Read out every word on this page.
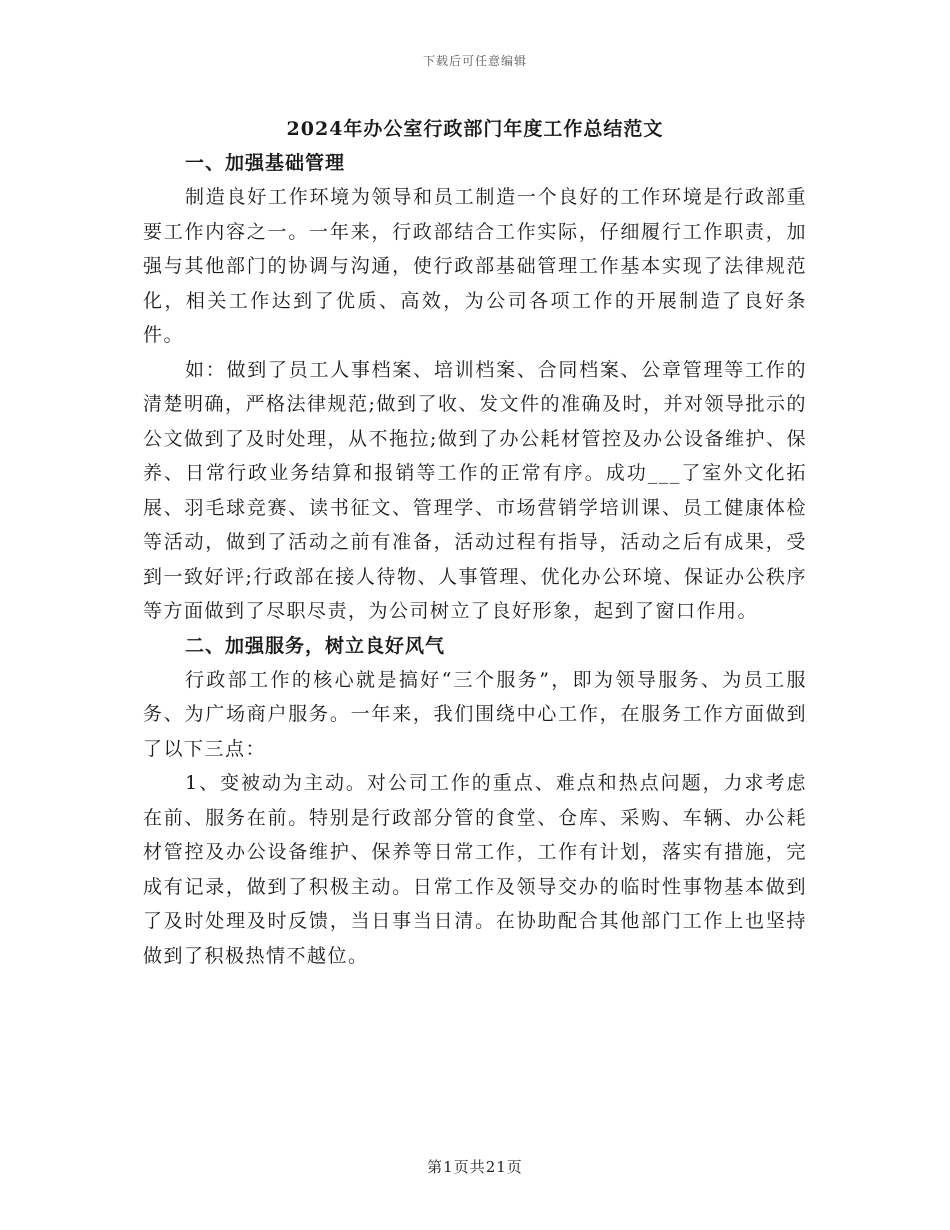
下载后可任意编辑
2024年办公室行政部门年度工作总结范文

一、加强基础管理

制造良好工作环境为领导和员工制造一个良好的工作环境是行政部重要工作内容之一。一年来，行政部结合工作实际，仔细履行工作职责，加强与其他部门的协调与沟通，使行政部基础管理工作基本实现了法律规范化，相关工作达到了优质、高效，为公司各项工作的开展制造了良好条件。

如：做到了员工人事档案、培训档案、合同档案、公章管理等工作的清楚明确，严格法律规范;做到了收、发文件的准确及时，并对领导批示的公文做到了及时处理，从不拖拉;做到了办公耗材管控及办公设备维护、保养、日常行政业务结算和报销等工作的正常有序。成功___了室外文化拓展、羽毛球竞赛、读书征文、管理学、市场营销学培训课、员工健康体检等活动，做到了活动之前有准备，活动过程有指导，活动之后有成果，受到一致好评;行政部在接人待物、人事管理、优化办公环境、保证办公秩序等方面做到了尽职尽责，为公司树立了良好形象，起到了窗口作用。

二、加强服务，树立良好风气

行政部工作的核心就是搞好“三个服务”，即为领导服务、为员工服务、为广场商户服务。一年来，我们围绕中心工作，在服务工作方面做到了以下三点：

1、变被动为主动。对公司工作的重点、难点和热点问题，力求考虑在前、服务在前。特别是行政部分管的食堂、仓库、采购、车辆、办公耗材管控及办公设备维护、保养等日常工作，工作有计划，落实有措施，完成有记录，做到了积极主动。日常工作及领导交办的临时性事物基本做到了及时处理及时反馈，当日事当日清。在协助配合其他部门工作上也坚持做到了积极热情不越位。

第1页共21页
